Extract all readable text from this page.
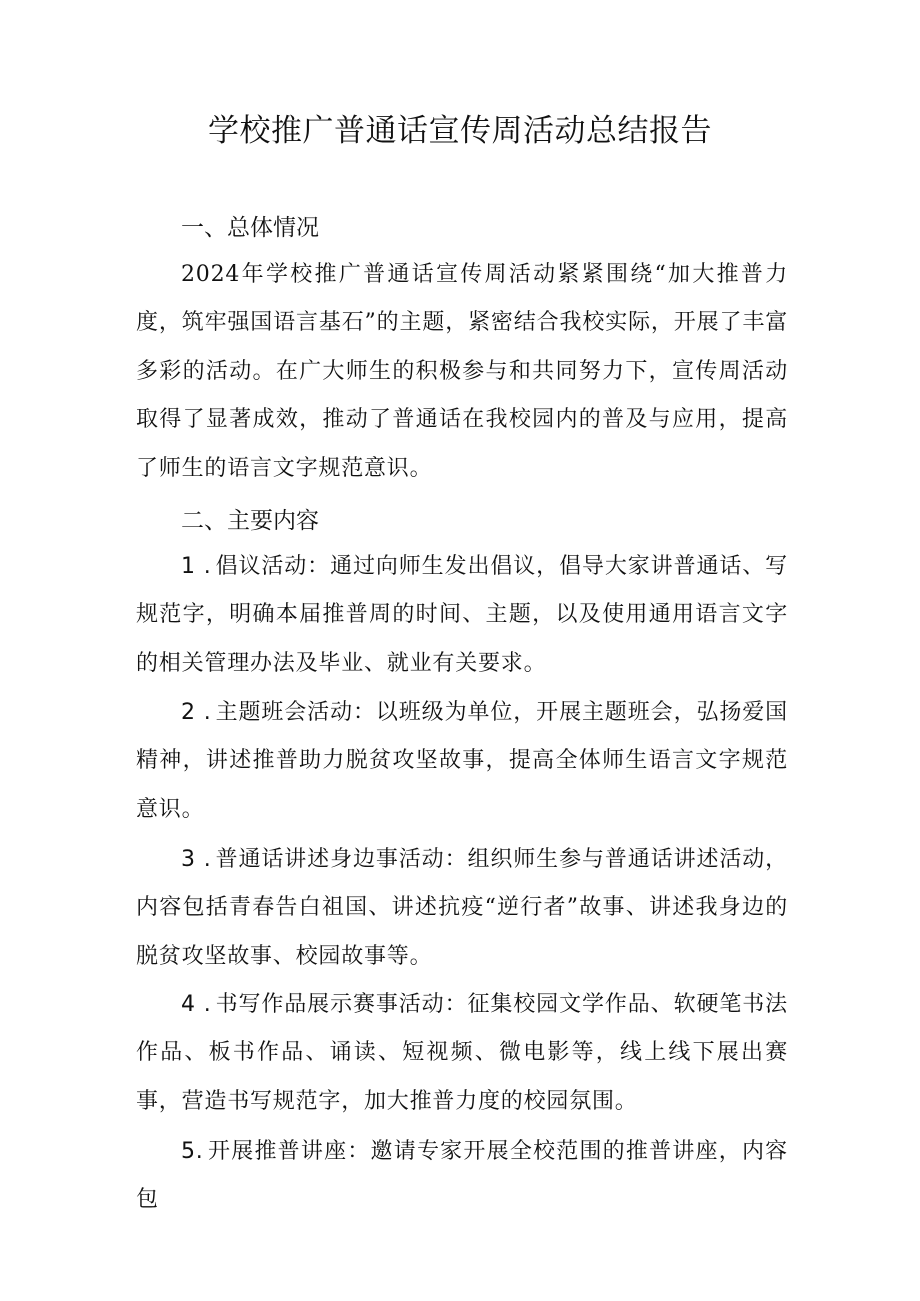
学校推广普通话宣传周活动总结报告
一、总体情况
2024年学校推广普通话宣传周活动紧紧围绕“加大推普力度，筑牢强国语言基石”的主题，紧密结合我校实际，开展了丰富多彩的活动。在广大师生的积极参与和共同努力下，宣传周活动取得了显著成效，推动了普通话在我校园内的普及与应用，提高了师生的语言文字规范意识。
二、主要内容
1 . 倡议活动：通过向师生发出倡议，倡导大家讲普通话、写规范字，明确本届推普周的时间、主题，以及使用通用语言文字的相关管理办法及毕业、就业有关要求。
2 . 主题班会活动：以班级为单位，开展主题班会，弘扬爱国精神，讲述推普助力脱贫攻坚故事，提高全体师生语言文字规范意识。
3 . 普通话讲述身边事活动：组织师生参与普通话讲述活动，内容包括青春告白祖国、讲述抗疫“逆行者”故事、讲述我身边的脱贫攻坚故事、校园故事等。
4 . 书写作品展示赛事活动：征集校园文学作品、软硬笔书法作品、板书作品、诵读、短视频、微电影等，线上线下展出赛事，营造书写规范字，加大推普力度的校园氛围。
5. 开展推普讲座：邀请专家开展全校范围的推普讲座，内容包
